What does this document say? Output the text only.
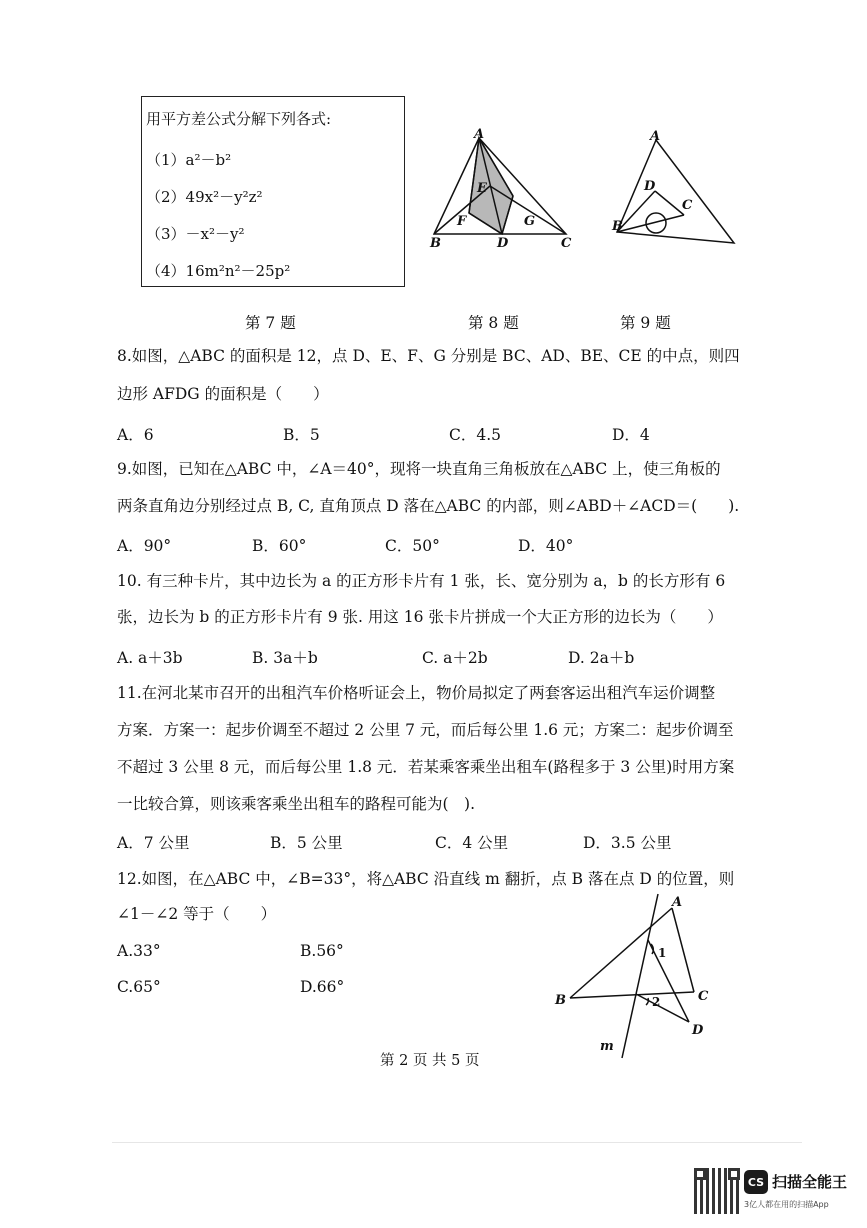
用平方差公式分解下列各式:
（1）a²－b²
（2）49x²－y²z²
（3）－x²－y²
（4）16m²n²－25p²
A
B	C
D
E
F	G
A
B
C
D
第 7 题	第 8 题	第 9 题
8.如图，△ABC 的面积是 12，点 D、E、F、G 分别是 BC、AD、BE、CE 的中点，则四
边形 AFDG 的面积是（　　）
A．6	B．5	C．4.5	D．4
9.如图，已知在△ABC 中，∠A＝40°，现将一块直角三角板放在△ABC 上，使三角板的
两条直角边分别经过点 B, C, 直角顶点 D 落在△ABC 的内部，则∠ABD＋∠ACD＝(　　).
A．90°	B．60°	C．50°	D．40°
10. 有三种卡片，其中边长为 a 的正方形卡片有 1 张，长、宽分别为 a，b 的长方形有 6
张，边长为 b 的正方形卡片有 9 张. 用这 16 张卡片拼成一个大正方形的边长为（　　）
A. a＋3b	B. 3a＋b	C. a＋2b	D. 2a＋b
11.在河北某市召开的出租汽车价格听证会上，物价局拟定了两套客运出租汽车运价调整
方案．方案一：起步价调至不超过 2 公里 7 元，而后每公里 1.6 元；方案二：起步价调至
不超过 3 公里 8 元，而后每公里 1.8 元．若某乘客乘坐出租车(路程多于 3 公里)时用方案
一比较合算，则该乘客乘坐出租车的路程可能为(　).
A．7 公里	B．5 公里	C．4 公里	D．3.5 公里
12.如图，在△ABC 中，∠B=33°，将△ABC 沿直线 m 翻折，点 B 落在点 D 的位置，则
∠1－∠2 等于（　　）
A.33°	B.56°
C.65°	D.66°
A
B	C
D
m
1
2
第 2 页 共 5 页
CS 扫描全能王
3亿人都在用的扫描App
